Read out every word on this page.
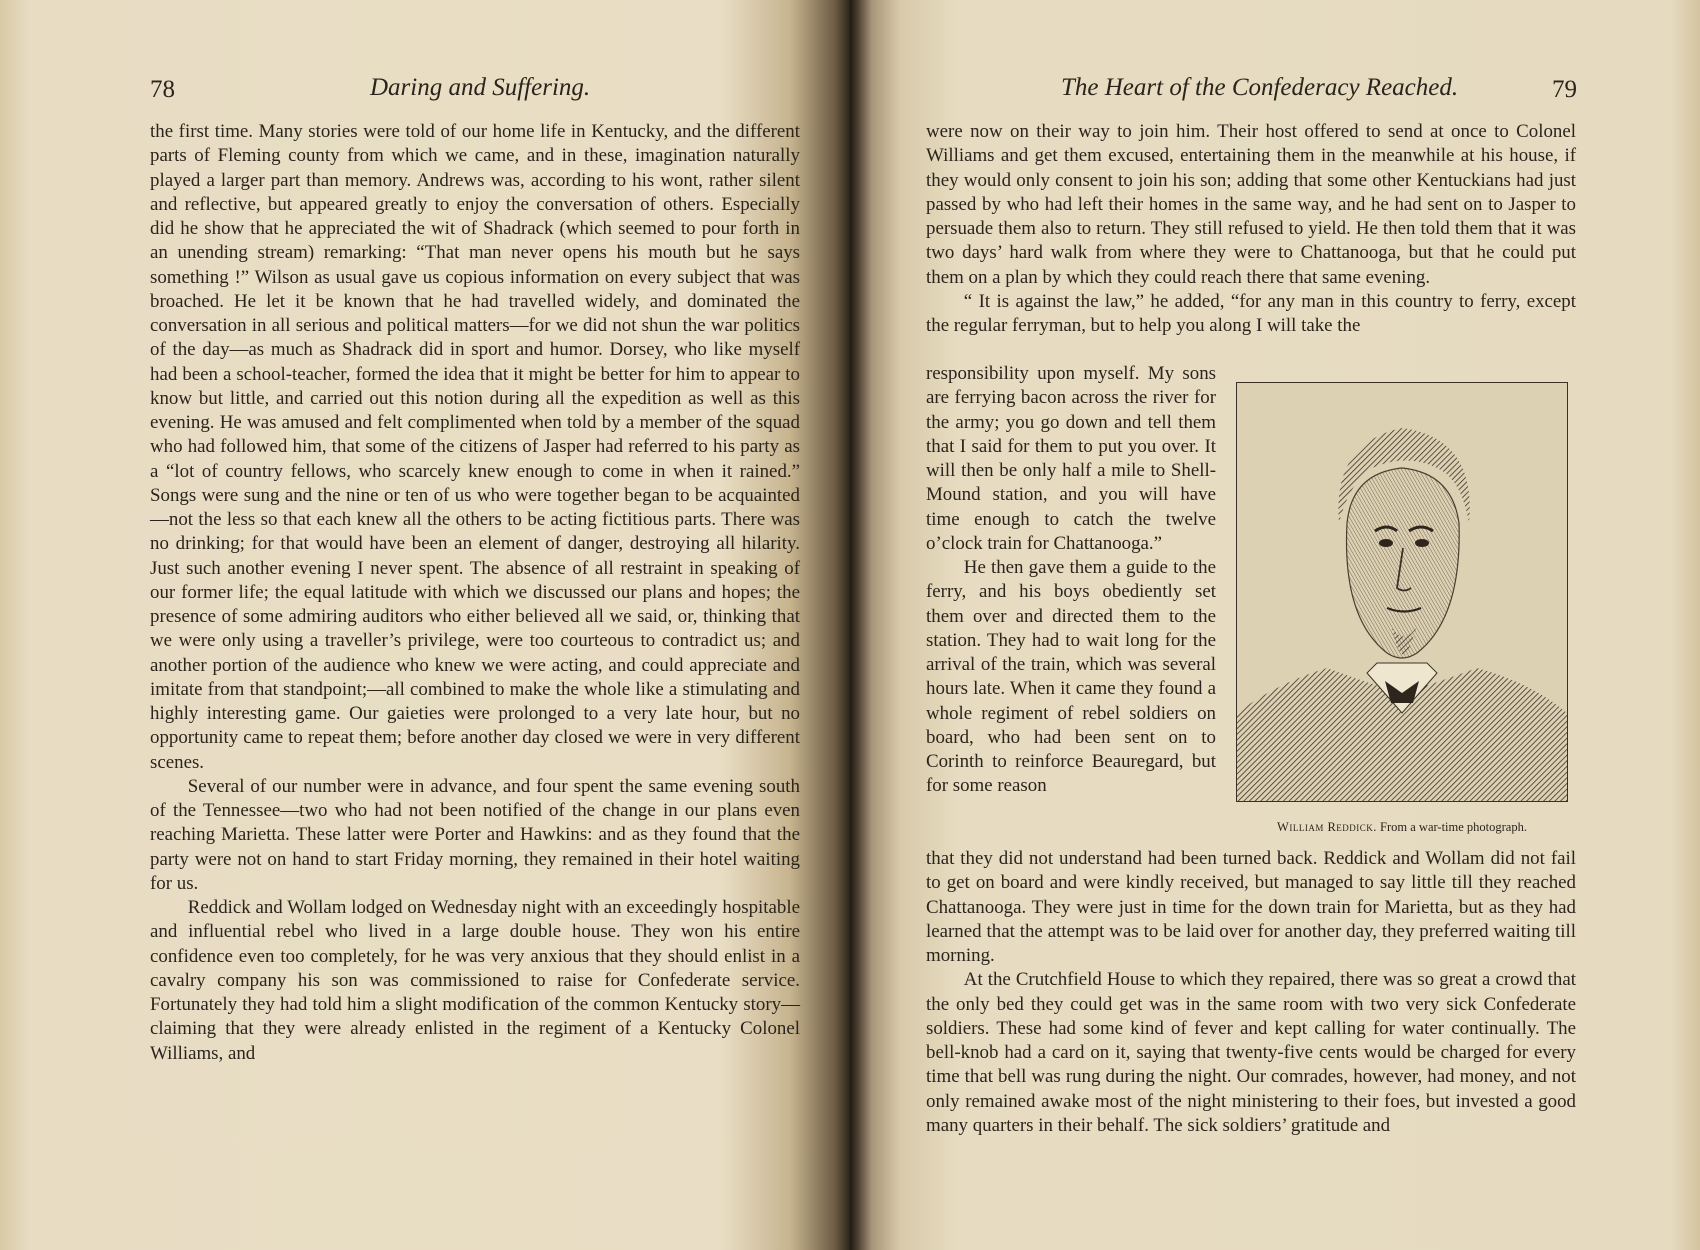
78	Daring and Suffering.

the first time. Many stories were told of our home life in Kentucky, and the different parts of Fleming county from which we came, and in these, imagination naturally played a larger part than memory. Andrews was, according to his wont, rather silent and reflective, but appeared greatly to enjoy the conversation of others. Especially did he show that he appreciated the wit of Shadrack (which seemed to pour forth in an unending stream) remarking: “That man never opens his mouth but he says something !” Wilson as usual gave us copious information on every subject that was broached. He let it be known that he had travelled widely, and dominated the conversation in all serious and political matters—for we did not shun the war politics of the day—as much as Shadrack did in sport and humor. Dorsey, who like myself had been a school-teacher, formed the idea that it might be better for him to appear to know but little, and carried out this notion during all the expedition as well as this evening. He was amused and felt complimented when told by a member of the squad who had followed him, that some of the citizens of Jasper had referred to his party as a “lot of country fellows, who scarcely knew enough to come in when it rained.” Songs were sung and the nine or ten of us who were together began to be acquainted—not the less so that each knew all the others to be acting fictitious parts. There was no drinking; for that would have been an element of danger, destroying all hilarity. Just such another evening I never spent. The absence of all restraint in speaking of our former life; the equal latitude with which we discussed our plans and hopes; the presence of some admiring auditors who either believed all we said, or, thinking that we were only using a traveller’s privilege, were too courteous to contradict us; and another portion of the audience who knew we were acting, and could appreciate and imitate from that standpoint;—all combined to make the whole like a stimulating and highly interesting game. Our gaieties were prolonged to a very late hour, but no opportunity came to repeat them; before another day closed we were in very different scenes.

Several of our number were in advance, and four spent the same evening south of the Tennessee—two who had not been notified of the change in our plans even reaching Marietta. These latter were Porter and Hawkins: and as they found that the party were not on hand to start Friday morning, they remained in their hotel waiting for us.

Reddick and Wollam lodged on Wednesday night with an exceedingly hospitable and influential rebel who lived in a large double house. They won his entire confidence even too completely, for he was very anxious that they should enlist in a cavalry company his son was commissioned to raise for Confederate service. Fortunately they had told him a slight modification of the common Kentucky story—claiming that they were already enlisted in the regiment of a Kentucky Colonel Williams, and

The Heart of the Confederacy Reached.	79

were now on their way to join him. Their host offered to send at once to Colonel Williams and get them excused, entertaining them in the meanwhile at his house, if they would only consent to join his son; adding that some other Kentuckians had just passed by who had left their homes in the same way, and he had sent on to Jasper to persuade them also to return. They still refused to yield. He then told them that it was two days’ hard walk from where they were to Chattanooga, but that he could put them on a plan by which they could reach there that same evening.

“ It is against the law,” he added, “for any man in this country to ferry, except the regular ferryman, but to help you along I will take the

responsibility upon myself. My sons are ferrying bacon across the river for the army; you go down and tell them that I said for them to put you over. It will then be only half a mile to Shell-Mound station, and you will have time enough to catch the twelve o’clock train for Chattanooga.”

He then gave them a guide to the ferry, and his boys obediently set them over and directed them to the station. They had to wait long for the arrival of the train, which was several hours late. When it came they found a whole regiment of rebel soldiers on board, who had been sent on to Corinth to reinforce Beauregard, but for some reason

William Reddick. From a war-time photograph.

that they did not understand had been turned back. Reddick and Wollam did not fail to get on board and were kindly received, but managed to say little till they reached Chattanooga. They were just in time for the down train for Marietta, but as they had learned that the attempt was to be laid over for another day, they preferred waiting till morning.

At the Crutchfield House to which they repaired, there was so great a crowd that the only bed they could get was in the same room with two very sick Confederate soldiers. These had some kind of fever and kept calling for water continually. The bell-knob had a card on it, saying that twenty-five cents would be charged for every time that bell was rung during the night. Our comrades, however, had money, and not only remained awake most of the night ministering to their foes, but invested a good many quarters in their behalf. The sick soldiers’ gratitude and
